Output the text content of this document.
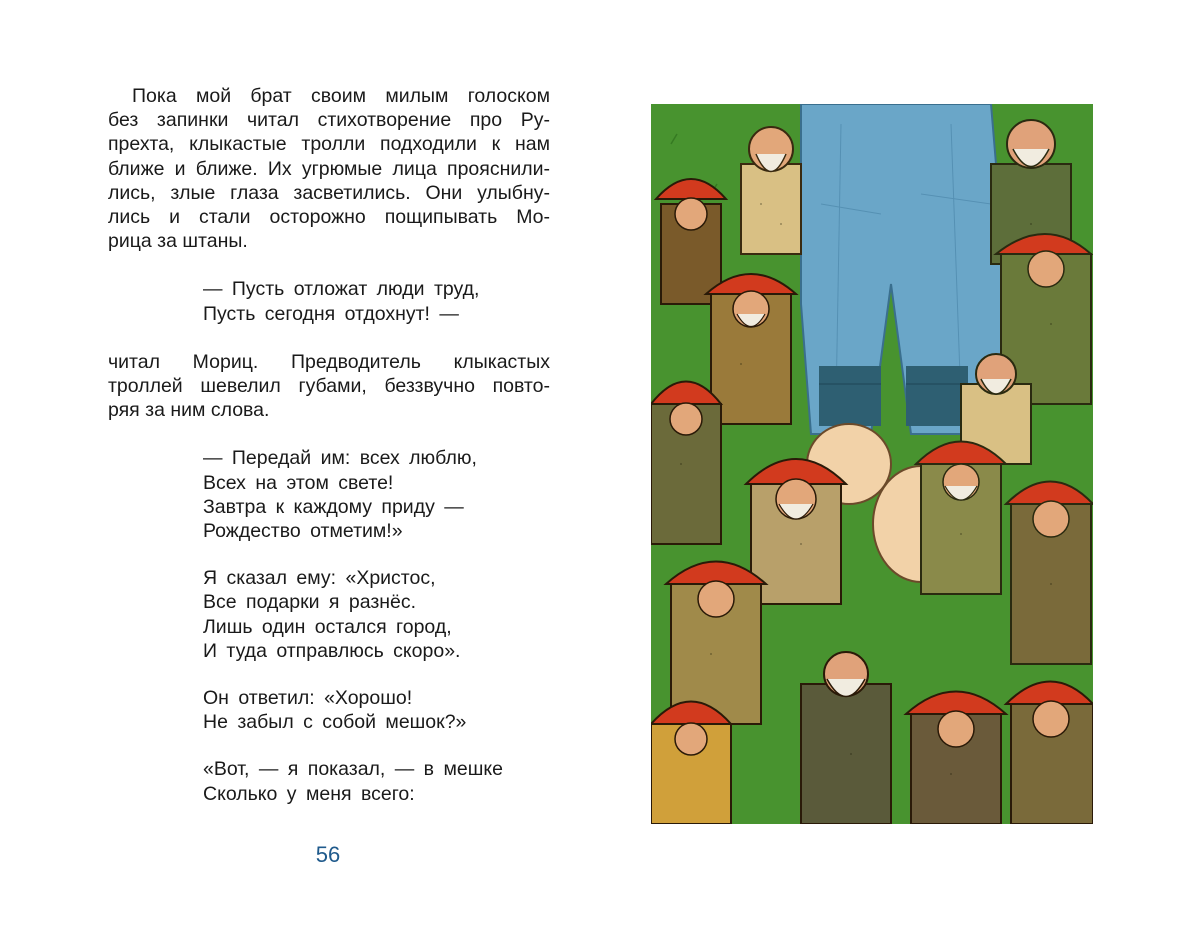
Пока мой брат своим милым голоском
без запинки читал стихотворение про Ру-
прехта, клыкастые тролли подходили к нам
ближе и ближе. Их угрюмые лица прояснили-
лись, злые глаза засветились. Они улыбну-
лись и стали осторожно пощипывать Мо-
рица за штаны.

— Пусть отложат люди труд,
Пусть сегодня отдохнут! —

читал Мориц. Предводитель клыкастых
троллей шевелил губами, беззвучно повто-
ряя за ним слова.

— Передай им: всех люблю,
Всех на этом свете!
Завтра к каждому приду —
Рождество отметим!»
Я сказал ему: «Христос,
Все подарки я разнёс.
Лишь один остался город,
И туда отправлюсь скоро».
Он ответил: «Хорошо!
Не забыл с собой мешок?»
«Вот, — я показал, — в мешке
Сколько у меня всего:
56
